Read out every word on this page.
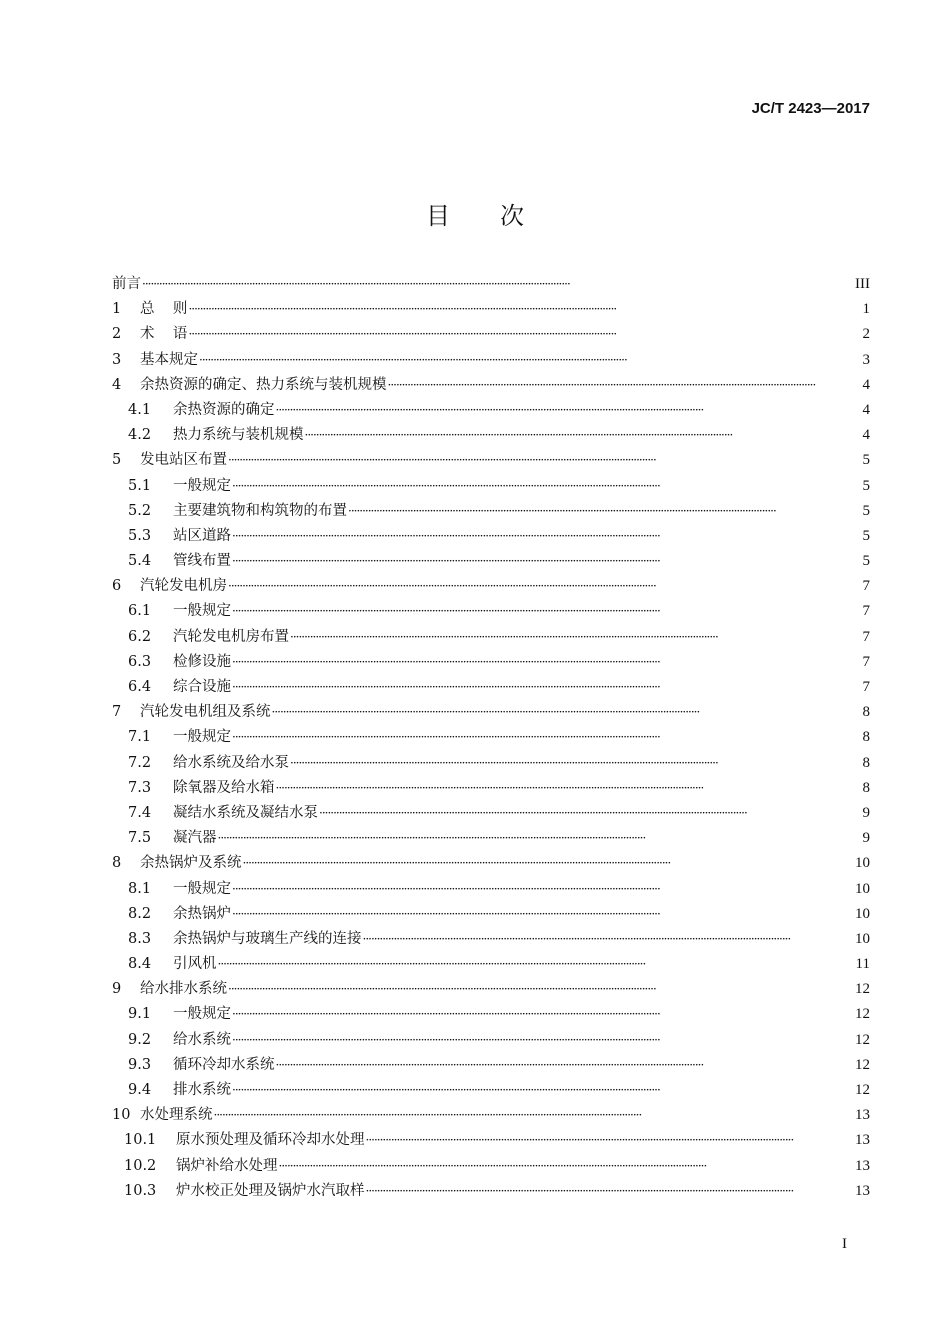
JC/T 2423—2017
目次
前言 ·····	III
1	总    则 ·····	1
2	术    语 ·····	2
3	基本规定 ·····	3
4	余热资源的确定、热力系统与装机规模 ·····	4
4.1	余热资源的确定 ·····	4
4.2	热力系统与装机规模 ·····	4
5	发电站区布置 ·····	5
5.1	一般规定 ·····	5
5.2	主要建筑物和构筑物的布置 ·····	5
5.3	站区道路 ·····	5
5.4	管线布置 ·····	5
6	汽轮发电机房 ·····	7
6.1	一般规定 ·····	7
6.2	汽轮发电机房布置 ·····	7
6.3	检修设施 ·····	7
6.4	综合设施 ·····	7
7	汽轮发电机组及系统 ·····	8
7.1	一般规定 ·····	8
7.2	给水系统及给水泵 ·····	8
7.3	除氧器及给水箱 ·····	8
7.4	凝结水系统及凝结水泵 ·····	9
7.5	凝汽器 ·····	9
8	余热锅炉及系统 ·····	10
8.1	一般规定 ·····	10
8.2	余热锅炉 ·····	10
8.3	余热锅炉与玻璃生产线的连接 ·····	10
8.4	引风机 ·····	11
9	给水排水系统 ·····	12
9.1	一般规定 ·····	12
9.2	给水系统 ·····	12
9.3	循环冷却水系统 ·····	12
9.4	排水系统 ·····	12
10 水处理系统 ·····	13
10.1	原水预处理及循环冷却水处理 ·····	13
10.2	锅炉补给水处理 ·····	13
10.3	炉水校正处理及锅炉水汽取样 ·····	13
I
